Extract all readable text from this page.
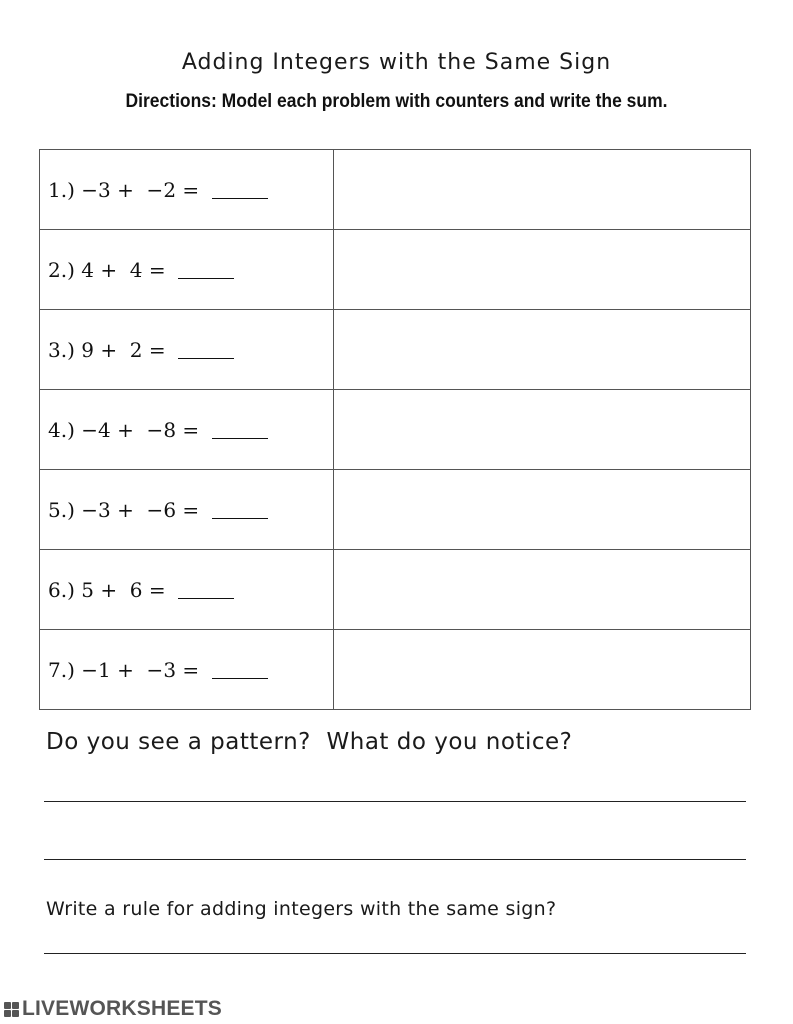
Adding Integers with the Same Sign
Directions: Model each problem with counters and write the sum.
1.) −3 +  −2 =	
2.) 4 +  4 =	
3.) 9 +  2 =	
4.) −4 +  −8 =	
5.) −3 +  −6 =	
6.) 5 +  6 =	
7.) −1 +  −3 =	
Do you see a pattern?  What do you notice?
Write a rule for adding integers with the same sign?
LIVEWORKSHEETS
